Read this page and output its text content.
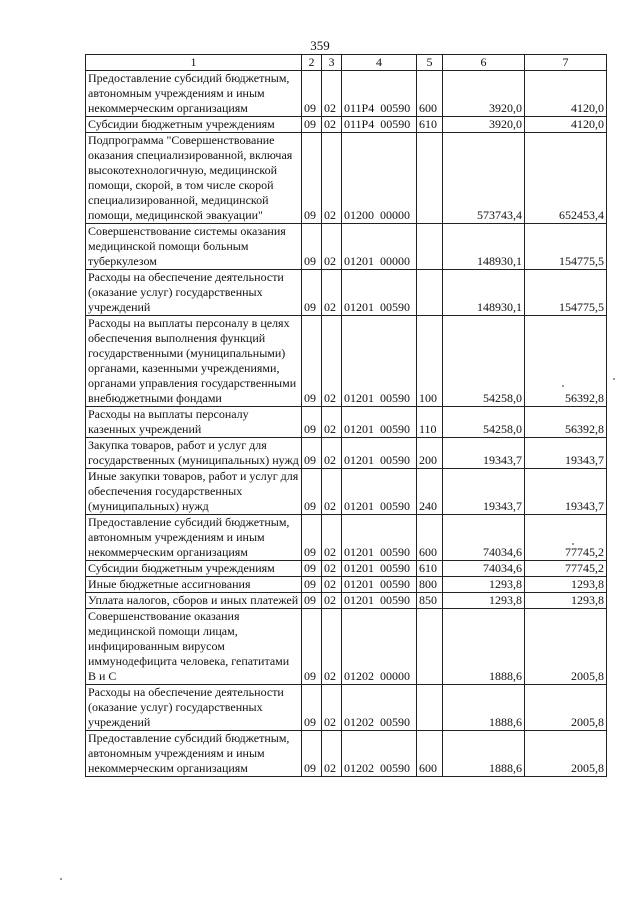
359
1	2	3	4	5	6	7
Предоставление субсидий бюджетным, автономным учреждениям и иным некоммерческим организациям	09	02	011Р4  00590	600	3920,0	4120,0
Субсидии бюджетным учреждениям	09	02	011Р4  00590	610	3920,0	4120,0
Подпрограмма "Совершенствование оказания специализированной, включая высокотехнологичную, медицинской помощи, скорой, в том числе скорой специализированной, медицинской помощи, медицинской эвакуации"	09	02	01200  00000		573743,4	652453,4
Совершенствование системы оказания медицинской помощи больным туберкулезом	09	02	01201  00000		148930,1	154775,5
Расходы на обеспечение деятельности (оказание услуг) государственных учреждений	09	02	01201  00590		148930,1	154775,5
Расходы на выплаты персоналу в целях обеспечения выполнения функций государственными (муниципальными) органами, казенными учреждениями, органами управления государственными внебюджетными фондами	09	02	01201  00590	100	54258,0	56392,8
Расходы на выплаты персоналу казенных учреждений	09	02	01201  00590	110	54258,0	56392,8
Закупка товаров, работ и услуг для государственных (муниципальных) нужд	09	02	01201  00590	200	19343,7	19343,7
Иные закупки товаров, работ и услуг для обеспечения государственных (муниципальных) нужд	09	02	01201  00590	240	19343,7	19343,7
Предоставление субсидий бюджетным, автономным учреждениям и иным некоммерческим организациям	09	02	01201  00590	600	74034,6	77745,2
Субсидии бюджетным учреждениям	09	02	01201  00590	610	74034,6	77745,2
Иные бюджетные ассигнования	09	02	01201  00590	800	1293,8	1293,8
Уплата налогов, сборов и иных платежей	09	02	01201  00590	850	1293,8	1293,8
Совершенствование оказания медицинской помощи лицам, инфицированным вирусом иммунодефицита человека, гепатитами В и С	09	02	01202  00000		1888,6	2005,8
Расходы на обеспечение деятельности (оказание услуг) государственных учреждений	09	02	01202  00590		1888,6	2005,8
Предоставление субсидий бюджетным, автономным учреждениям и иным некоммерческим организациям	09	02	01202  00590	600	1888,6	2005,8
